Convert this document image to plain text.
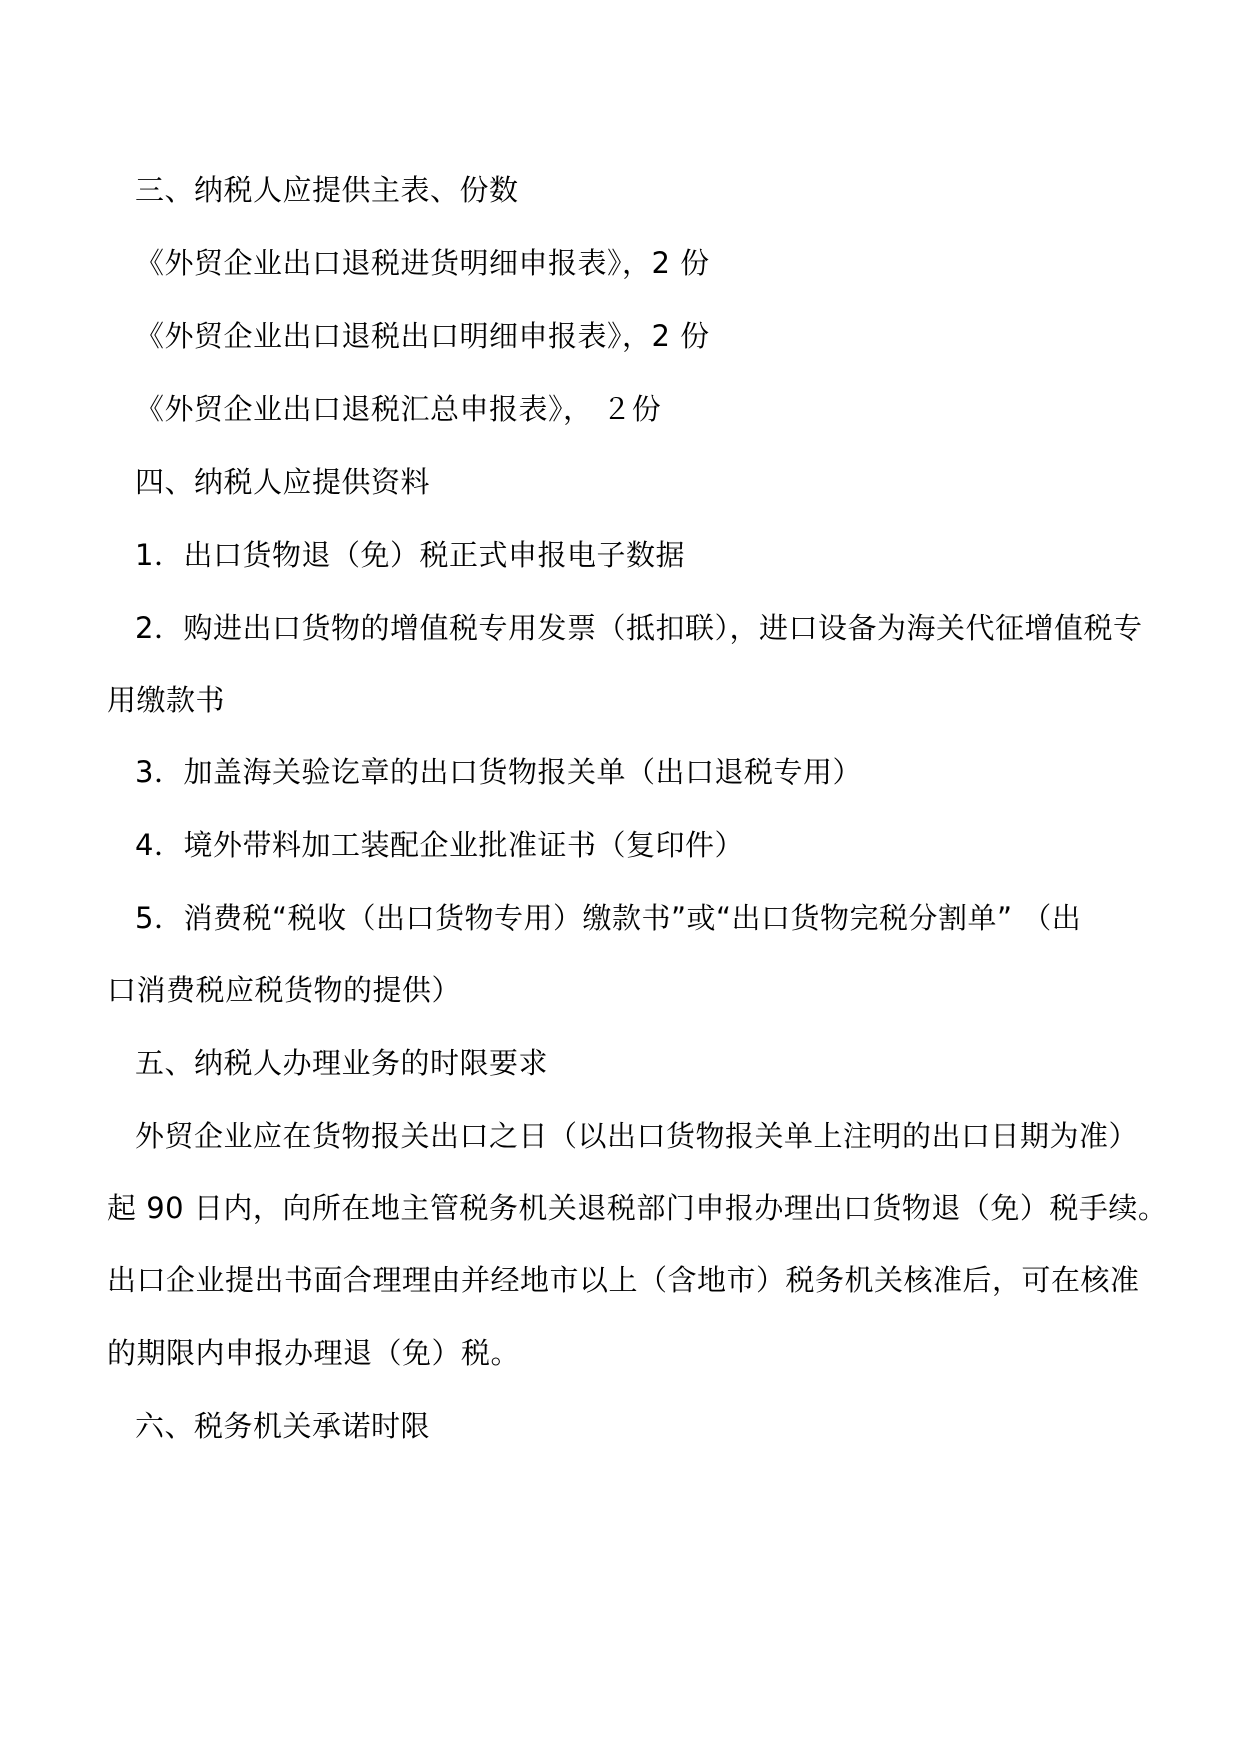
三、纳税人应提供主表、份数
《外贸企业出口退税进货明细申报表》，2 份
《外贸企业出口退税出口明细申报表》，2 份
《外贸企业出口退税汇总申报表》， ２份
四、纳税人应提供资料
1．出口货物退（免）税正式申报电子数据
2．购进出口货物的增值税专用发票（抵扣联），进口设备为海关代征增值税专
用缴款书
3．加盖海关验讫章的出口货物报关单（出口退税专用）
4．境外带料加工装配企业批准证书（复印件）
5．消费税“税收（出口货物专用）缴款书”或“出口货物完税分割单” （出
口消费税应税货物的提供）
五、纳税人办理业务的时限要求
外贸企业应在货物报关出口之日（以出口货物报关单上注明的出口日期为准）
起 90 日内，向所在地主管税务机关退税部门申报办理出口货物退（免）税手续。
出口企业提出书面合理理由并经地市以上（含地市）税务机关核准后，可在核准
的期限内申报办理退（免）税。
六、税务机关承诺时限
